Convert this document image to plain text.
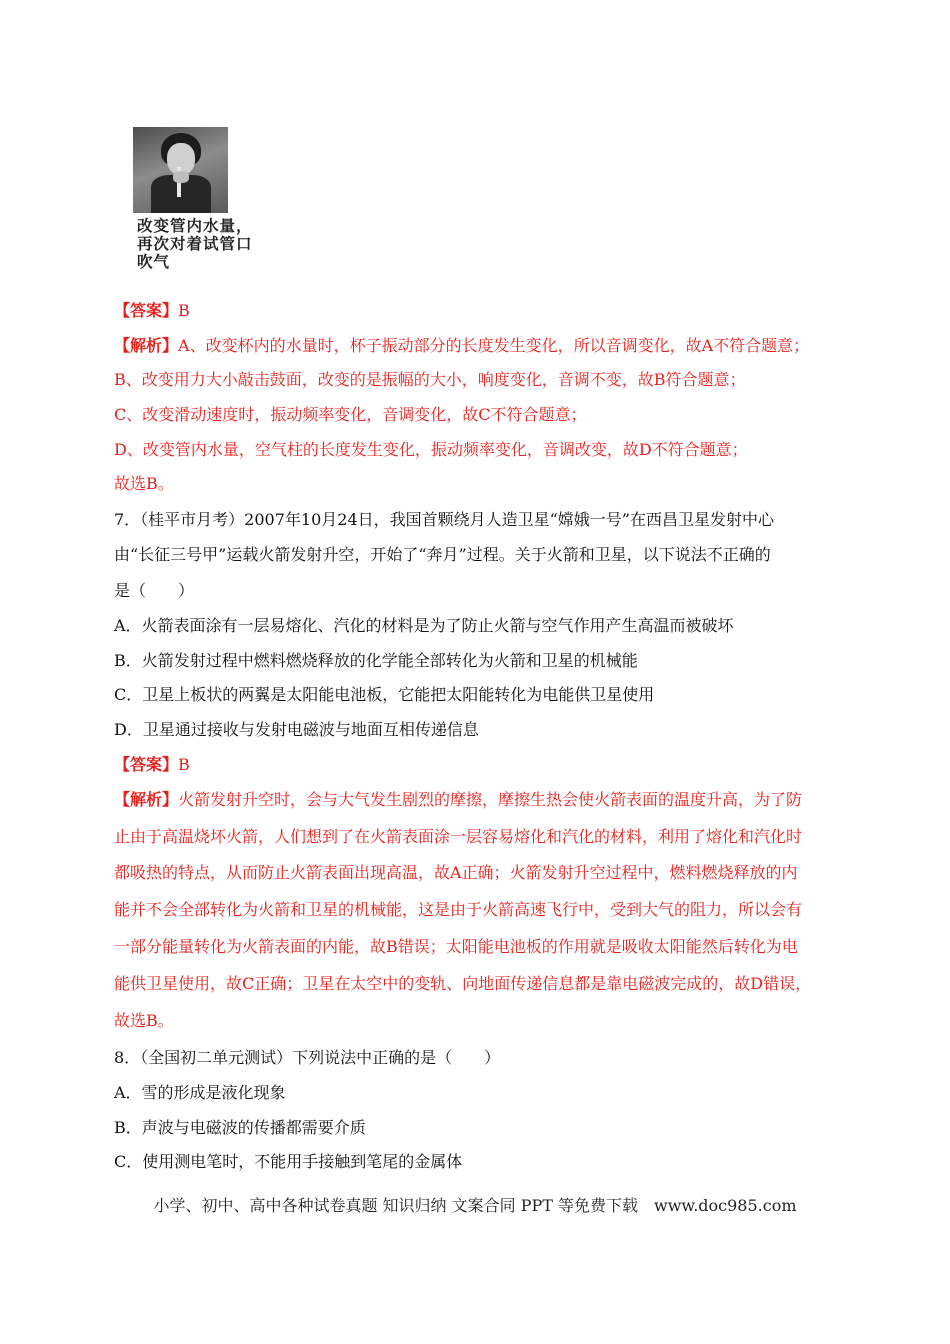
改变管内水量，
再次对着试管口
吹气
【答案】B
【解析】A、改变杯内的水量时，杯子振动部分的长度发生变化，所以音调变化，故A不符合题意；
B、改变用力大小敲击鼓面，改变的是振幅的大小，响度变化，音调不变，故B符合题意；
C、改变滑动速度时，振动频率变化，音调变化，故C不符合题意；
D、改变管内水量，空气柱的长度发生变化，振动频率变化，音调改变，故D不符合题意；
故选B。
7．（桂平市月考）2007年10月24日，我国首颗绕月人造卫星“嫦娥一号”在西昌卫星发射中心
由“长征三号甲”运载火箭发射升空，开始了“奔月”过程。关于火箭和卫星，以下说法不正确的
是（　　）
A．火箭表面涂有一层易熔化、汽化的材料是为了防止火箭与空气作用产生高温而被破坏
B．火箭发射过程中燃料燃烧释放的化学能全部转化为火箭和卫星的机械能
C．卫星上板状的两翼是太阳能电池板，它能把太阳能转化为电能供卫星使用
D．卫星通过接收与发射电磁波与地面互相传递信息
【答案】B
【解析】火箭发射升空时，会与大气发生剧烈的摩擦，摩擦生热会使火箭表面的温度升高，为了防
止由于高温烧坏火箭，人们想到了在火箭表面涂一层容易熔化和汽化的材料，利用了熔化和汽化时
都吸热的特点，从而防止火箭表面出现高温，故A正确；火箭发射升空过程中，燃料燃烧释放的内
能并不会全部转化为火箭和卫星的机械能，这是由于火箭高速飞行中，受到大气的阻力，所以会有
一部分能量转化为火箭表面的内能，故B错误；太阳能电池板的作用就是吸收太阳能然后转化为电
能供卫星使用，故C正确；卫星在太空中的变轨、向地面传递信息都是靠电磁波完成的，故D错误，
故选B。
8．（全国初二单元测试）下列说法中正确的是（　　）
A．雪的形成是液化现象
B．声波与电磁波的传播都需要介质
C．使用测电笔时，不能用手接触到笔尾的金属体
小学、初中、高中各种试卷真题 知识归纳 文案合同 PPT 等免费下载　www.doc985.com
